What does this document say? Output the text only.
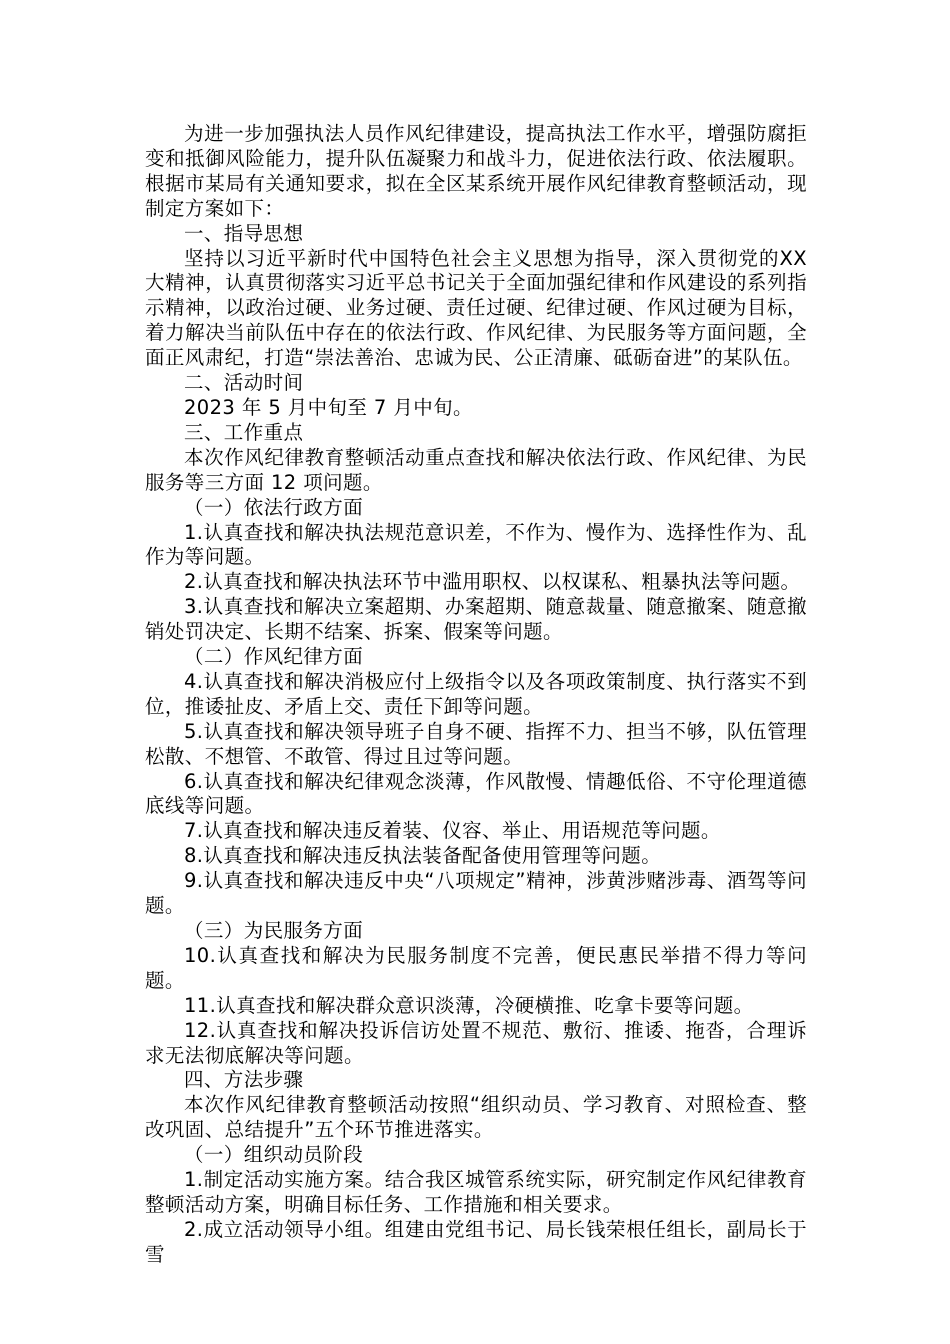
为进一步加强执法人员作风纪律建设，提高执法工作水平，增强防腐拒变和抵御风险能力，提升队伍凝聚力和战斗力，促进依法行政、依法履职。根据市某局有关通知要求，拟在全区某系统开展作风纪律教育整顿活动，现制定方案如下：

一、指导思想

坚持以习近平新时代中国特色社会主义思想为指导，深入贯彻党的XX大精神，认真贯彻落实习近平总书记关于全面加强纪律和作风建设的系列指示精神，以政治过硬、业务过硬、责任过硬、纪律过硬、作风过硬为目标，着力解决当前队伍中存在的依法行政、作风纪律、为民服务等方面问题，全面正风肃纪，打造“崇法善治、忠诚为民、公正清廉、砥砺奋进”的某队伍。

二、活动时间

2023 年 5 月中旬至 7 月中旬。

三、工作重点

本次作风纪律教育整顿活动重点查找和解决依法行政、作风纪律、为民服务等三方面 12 项问题。

（一）依法行政方面

1.认真查找和解决执法规范意识差，不作为、慢作为、选择性作为、乱作为等问题。

2.认真查找和解决执法环节中滥用职权、以权谋私、粗暴执法等问题。

3.认真查找和解决立案超期、办案超期、随意裁量、随意撤案、随意撤销处罚决定、长期不结案、拆案、假案等问题。

（二）作风纪律方面

4.认真查找和解决消极应付上级指令以及各项政策制度、执行落实不到位，推诿扯皮、矛盾上交、责任下卸等问题。

5.认真查找和解决领导班子自身不硬、指挥不力、担当不够，队伍管理松散、不想管、不敢管、得过且过等问题。

6.认真查找和解决纪律观念淡薄，作风散慢、情趣低俗、不守伦理道德底线等问题。

7.认真查找和解决违反着装、仪容、举止、用语规范等问题。

8.认真查找和解决违反执法装备配备使用管理等问题。

9.认真查找和解决违反中央“八项规定”精神，涉黄涉赌涉毒、酒驾等问题。

（三）为民服务方面

10.认真查找和解决为民服务制度不完善，便民惠民举措不得力等问题。

11.认真查找和解决群众意识淡薄，冷硬横推、吃拿卡要等问题。

12.认真查找和解决投诉信访处置不规范、敷衍、推诿、拖沓，合理诉求无法彻底解决等问题。

四、方法步骤

本次作风纪律教育整顿活动按照“组织动员、学习教育、对照检查、整改巩固、总结提升”五个环节推进落实。

（一）组织动员阶段

1.制定活动实施方案。结合我区城管系统实际，研究制定作风纪律教育整顿活动方案，明确目标任务、工作措施和相关要求。

2.成立活动领导小组。组建由党组书记、局长钱荣根任组长，副局长于雪
